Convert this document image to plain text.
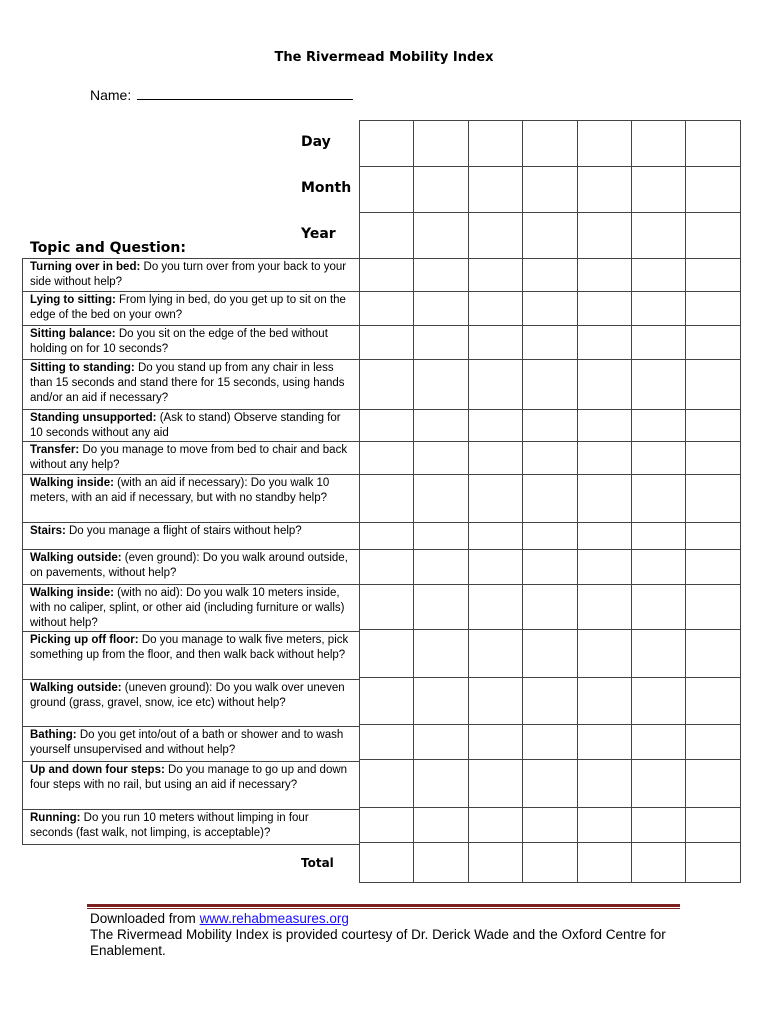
The Rivermead Mobility Index
Name:
Day
Month
Year
Topic and Question:
Turning over in bed: Do you turn over from your back to your side without help?
Lying to sitting: From lying in bed, do you get up to sit on the edge of the bed on your own?
Sitting balance: Do you sit on the edge of the bed without holding on for 10 seconds?
Sitting to standing: Do you stand up from any chair in less than 15 seconds and stand there for 15 seconds, using hands and/or an aid if necessary?
Standing unsupported: (Ask to stand) Observe standing for 10 seconds without any aid
Transfer: Do you manage to move from bed to chair and back without any help?
Walking inside: (with an aid if necessary): Do you walk 10 meters, with an aid if necessary, but with no standby help?
Stairs: Do you manage a flight of stairs without help?
Walking outside: (even ground): Do you walk around outside, on pavements, without help?
Walking inside: (with no aid): Do you walk 10 meters inside, with no caliper, splint, or other aid (including furniture or walls) without help?
Picking up off floor: Do you manage to walk five meters, pick something up from the floor, and then walk back without help?
Walking outside: (uneven ground): Do you walk over uneven ground (grass, gravel, snow, ice etc) without help?
Bathing: Do you get into/out of a bath or shower and to wash yourself unsupervised and without help?
Up and down four steps: Do you manage to go up and down four steps with no rail, but using an aid if necessary?
Running: Do you run 10 meters without limping in four seconds (fast walk, not limping, is acceptable)?
Total
Downloaded from www.rehabmeasures.org
The Rivermead Mobility Index is provided courtesy of Dr. Derick Wade and the Oxford Centre for Enablement.
